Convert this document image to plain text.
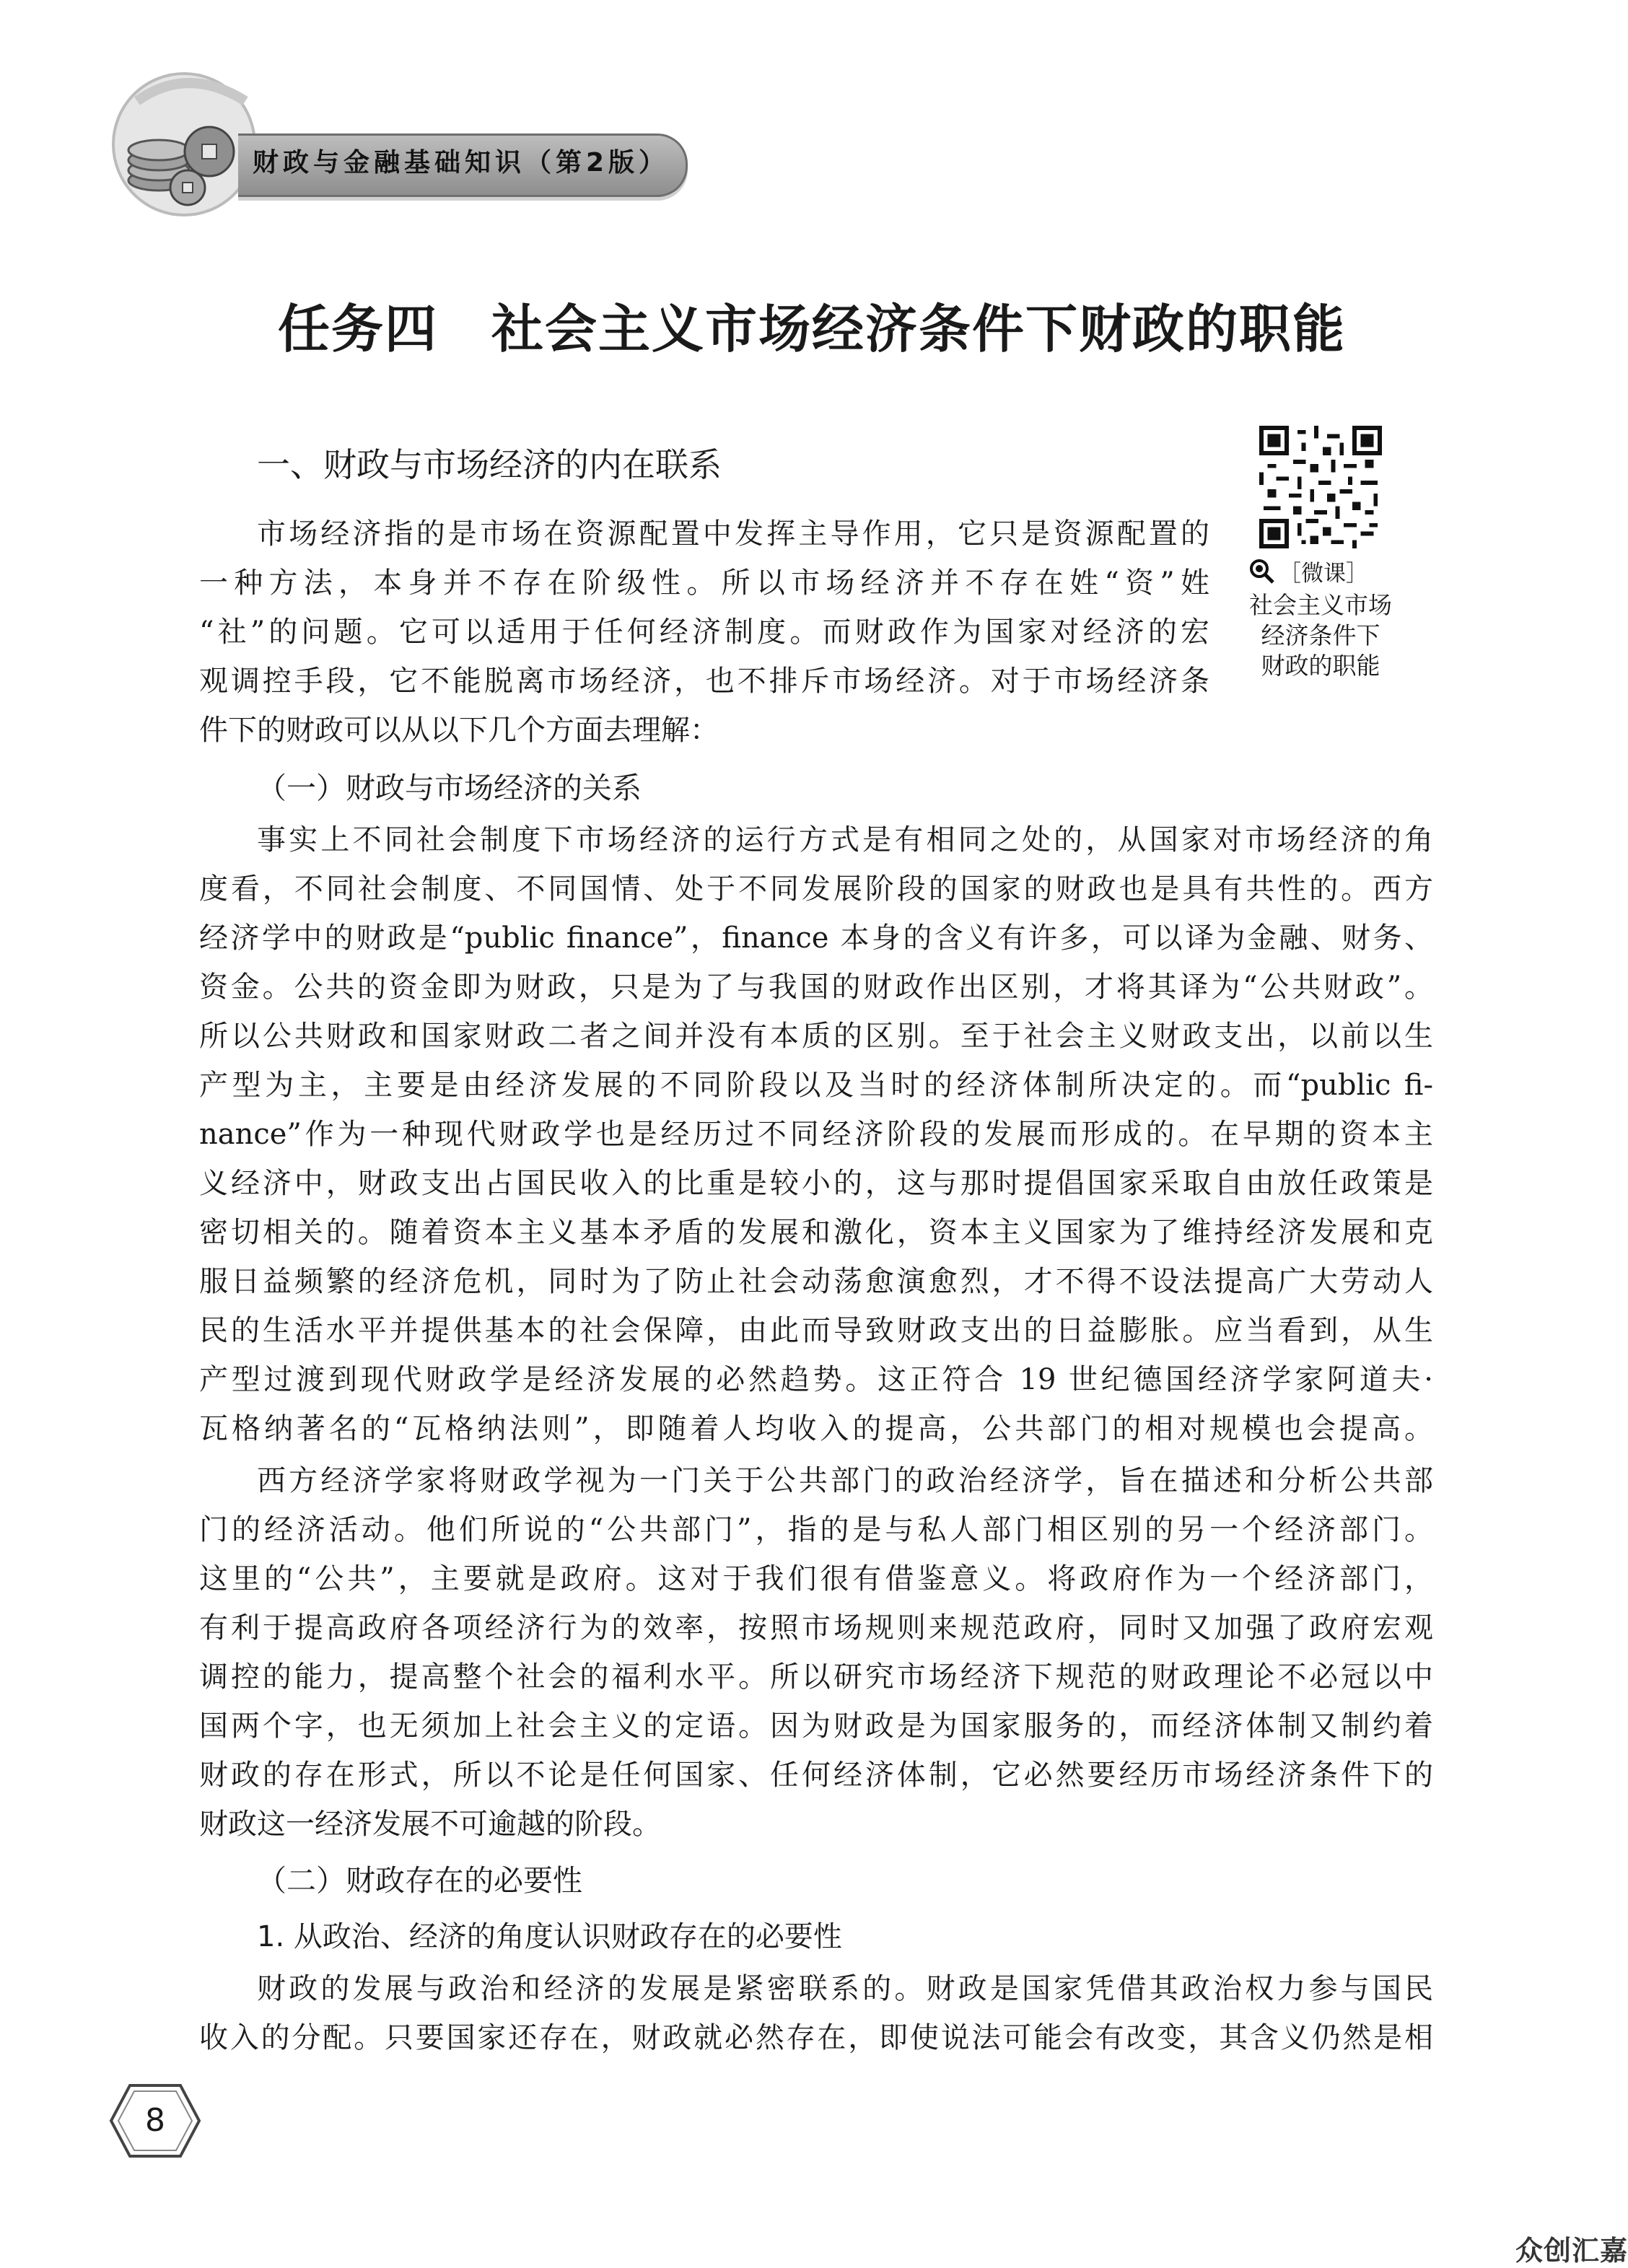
财政与金融基础知识（第2版）
任务四　社会主义市场经济条件下财政的职能
一、财政与市场经济的内在联系
［微课］
社会主义市场
经济条件下
财政的职能
市场经济指的是市场在资源配置中发挥主导作用，它只是资源配置的
一种方法，本身并不存在阶级性。所以市场经济并不存在姓“资”姓
“社”的问题。它可以适用于任何经济制度。而财政作为国家对经济的宏
观调控手段，它不能脱离市场经济，也不排斥市场经济。对于市场经济条
件下的财政可以从以下几个方面去理解：
（一）财政与市场经济的关系
事实上不同社会制度下市场经济的运行方式是有相同之处的，从国家对市场经济的角
度看，不同社会制度、不同国情、处于不同发展阶段的国家的财政也是具有共性的。西方
经济学中的财政是“public finance”，finance 本身的含义有许多，可以译为金融、财务、
资金。公共的资金即为财政，只是为了与我国的财政作出区别，才将其译为“公共财政”。
所以公共财政和国家财政二者之间并没有本质的区别。至于社会主义财政支出，以前以生
产型为主，主要是由经济发展的不同阶段以及当时的经济体制所决定的。而“public fi-
nance”作为一种现代财政学也是经历过不同经济阶段的发展而形成的。在早期的资本主
义经济中，财政支出占国民收入的比重是较小的，这与那时提倡国家采取自由放任政策是
密切相关的。随着资本主义基本矛盾的发展和激化，资本主义国家为了维持经济发展和克
服日益频繁的经济危机，同时为了防止社会动荡愈演愈烈，才不得不设法提高广大劳动人
民的生活水平并提供基本的社会保障，由此而导致财政支出的日益膨胀。应当看到，从生
产型过渡到现代财政学是经济发展的必然趋势。这正符合 19 世纪德国经济学家阿道夫·
瓦格纳著名的“瓦格纳法则”，即随着人均收入的提高，公共部门的相对规模也会提高。
西方经济学家将财政学视为一门关于公共部门的政治经济学，旨在描述和分析公共部
门的经济活动。他们所说的“公共部门”，指的是与私人部门相区别的另一个经济部门。
这里的“公共”，主要就是政府。这对于我们很有借鉴意义。将政府作为一个经济部门，
有利于提高政府各项经济行为的效率，按照市场规则来规范政府，同时又加强了政府宏观
调控的能力，提高整个社会的福利水平。所以研究市场经济下规范的财政理论不必冠以中
国两个字，也无须加上社会主义的定语。因为财政是为国家服务的，而经济体制又制约着
财政的存在形式，所以不论是任何国家、任何经济体制，它必然要经历市场经济条件下的
财政这一经济发展不可逾越的阶段。
（二）财政存在的必要性
1. 从政治、经济的角度认识财政存在的必要性
财政的发展与政治和经济的发展是紧密联系的。财政是国家凭借其政治权力参与国民
收入的分配。只要国家还存在，财政就必然存在，即使说法可能会有改变，其含义仍然是相
8
众创汇嘉
